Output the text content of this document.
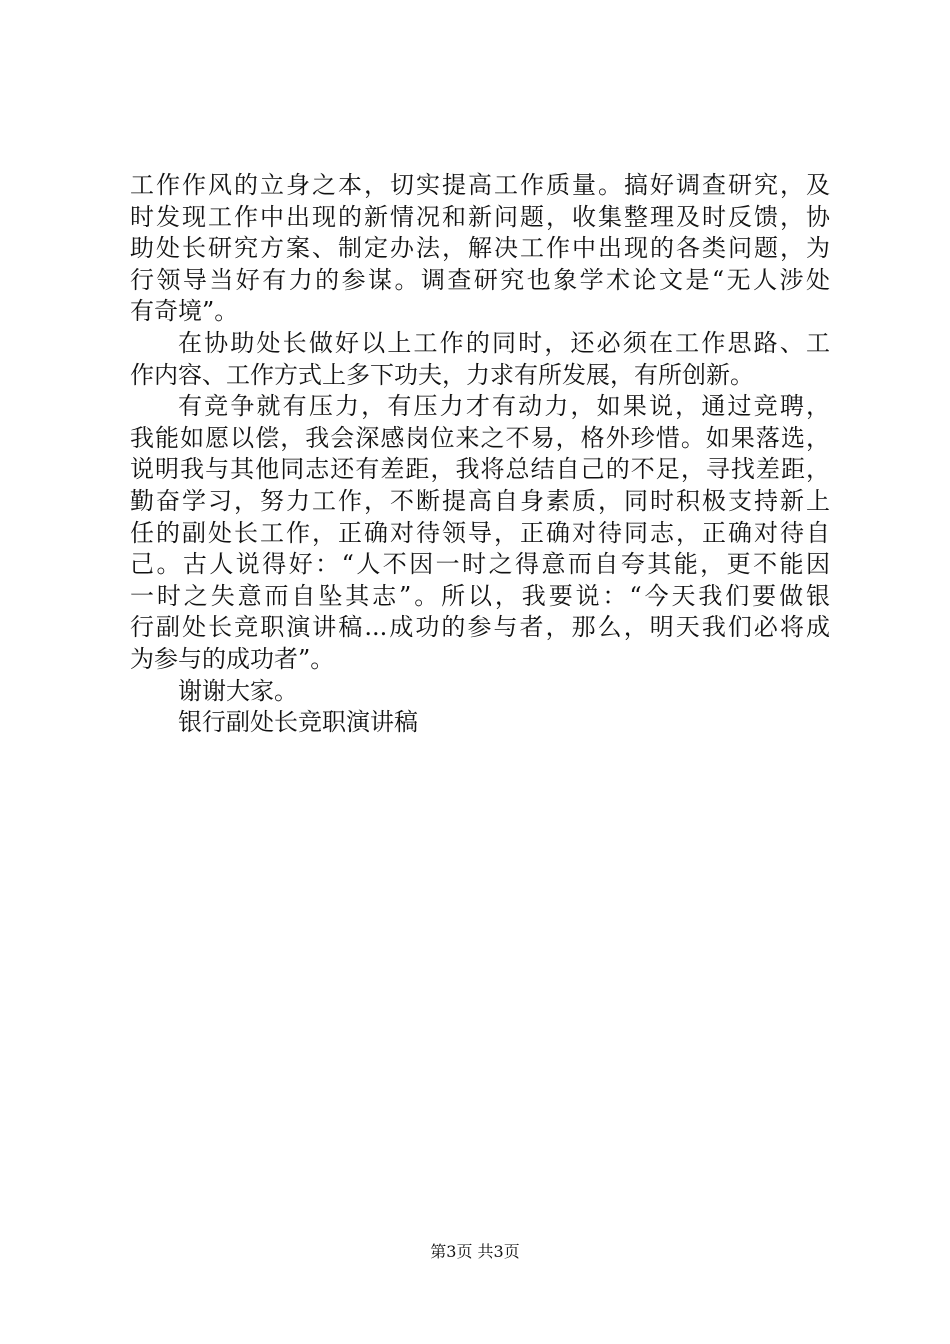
工作作风的立身之本，切实提高工作质量。搞好调查研究，及
时发现工作中出现的新情况和新问题，收集整理及时反馈，协
助处长研究方案、制定办法，解决工作中出现的各类问题，为
行领导当好有力的参谋。调查研究也象学术论文是“无人涉处
有奇境”。
在协助处长做好以上工作的同时，还必须在工作思路、工
作内容、工作方式上多下功夫，力求有所发展，有所创新。
有竞争就有压力，有压力才有动力，如果说，通过竞聘，
我能如愿以偿，我会深感岗位来之不易，格外珍惜。如果落选，
说明我与其他同志还有差距，我将总结自己的不足，寻找差距，
勤奋学习，努力工作，不断提高自身素质，同时积极支持新上
任的副处长工作，正确对待领导，正确对待同志，正确对待自
己。古人说得好：“人不因一时之得意而自夸其能，更不能因
一时之失意而自坠其志”。所以，我要说：“今天我们要做银
行副处长竞职演讲稿...成功的参与者，那么，明天我们必将成
为参与的成功者”。
谢谢大家。
银行副处长竞职演讲稿
第3页 共3页
